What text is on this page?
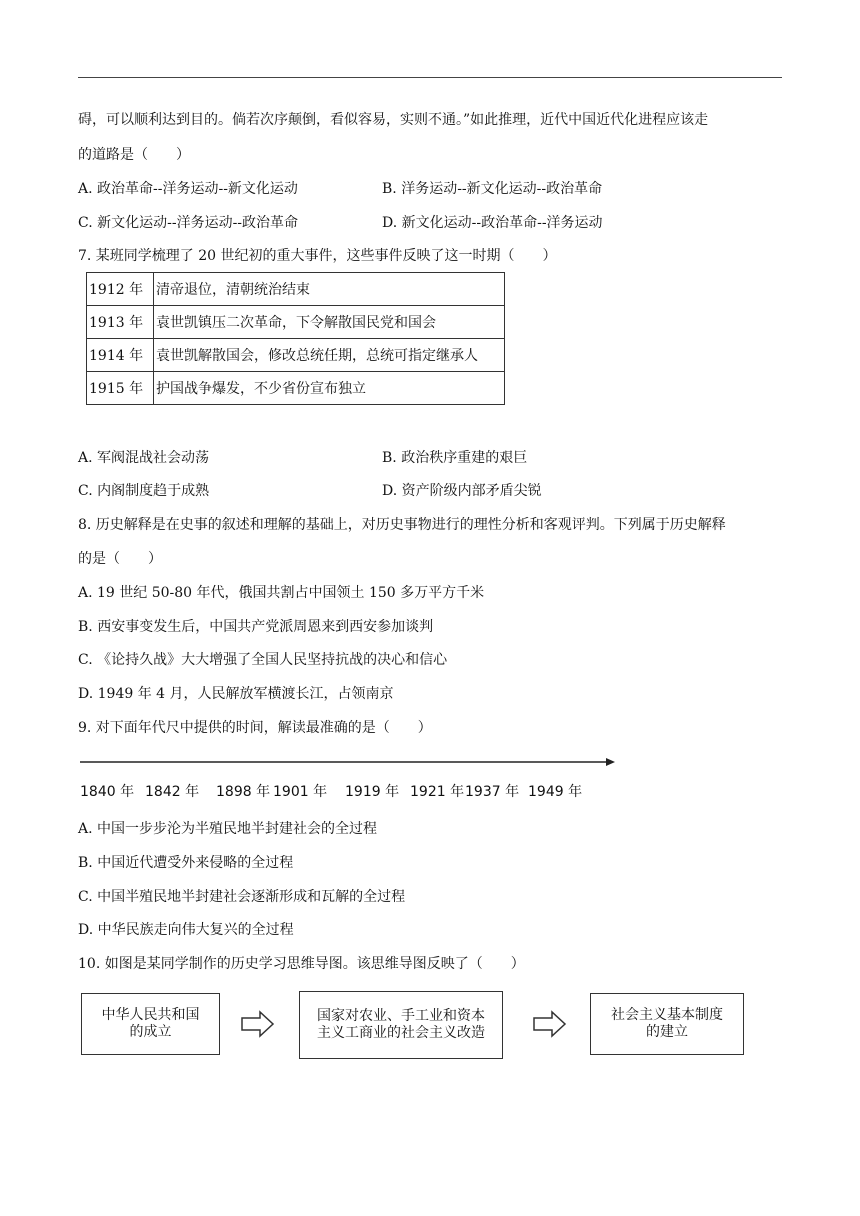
碍，可以顺利达到目的。倘若次序颠倒，看似容易，实则不通。”如此推理，近代中国近代化进程应该走
的道路是（　　）
A. 政治革命--洋务运动--新文化运动	B. 洋务运动--新文化运动--政治革命
C. 新文化运动--洋务运动--政治革命	D. 新文化运动--政治革命--洋务运动
7. 某班同学梳理了 20 世纪初的重大事件，这些事件反映了这一时期（　　）
1912 年	清帝退位，清朝统治结束
1913 年	袁世凯镇压二次革命，下令解散国民党和国会
1914 年	袁世凯解散国会，修改总统任期，总统可指定继承人
1915 年	护国战争爆发，不少省份宣布独立
A. 军阀混战社会动荡	B. 政治秩序重建的艰巨
C. 内阁制度趋于成熟	D. 资产阶级内部矛盾尖锐
8. 历史解释是在史事的叙述和理解的基础上，对历史事物进行的理性分析和客观评判。下列属于历史解释
的是（　　）
A. 19 世纪 50-80 年代，俄国共割占中国领土 150 多万平方千米
B. 西安事变发生后，中国共产党派周恩来到西安参加谈判
C. 《论持久战》大大增强了全国人民坚持抗战的决心和信心
D. 1949 年 4 月，人民解放军横渡长江，占领南京
9. 对下面年代尺中提供的时间，解读最准确的是（　　）
1840 年 1842 年 1898 年 1901 年 1919 年 1921 年 1937 年 1949 年
A. 中国一步步沦为半殖民地半封建社会的全过程
B. 中国近代遭受外来侵略的全过程
C. 中国半殖民地半封建社会逐渐形成和瓦解的全过程
D. 中华民族走向伟大复兴的全过程
10. 如图是某同学制作的历史学习思维导图。该思维导图反映了（　　）
中华人民共和国
的成立
国家对农业、手工业和资本
主义工商业的社会主义改造
社会主义基本制度
的建立
